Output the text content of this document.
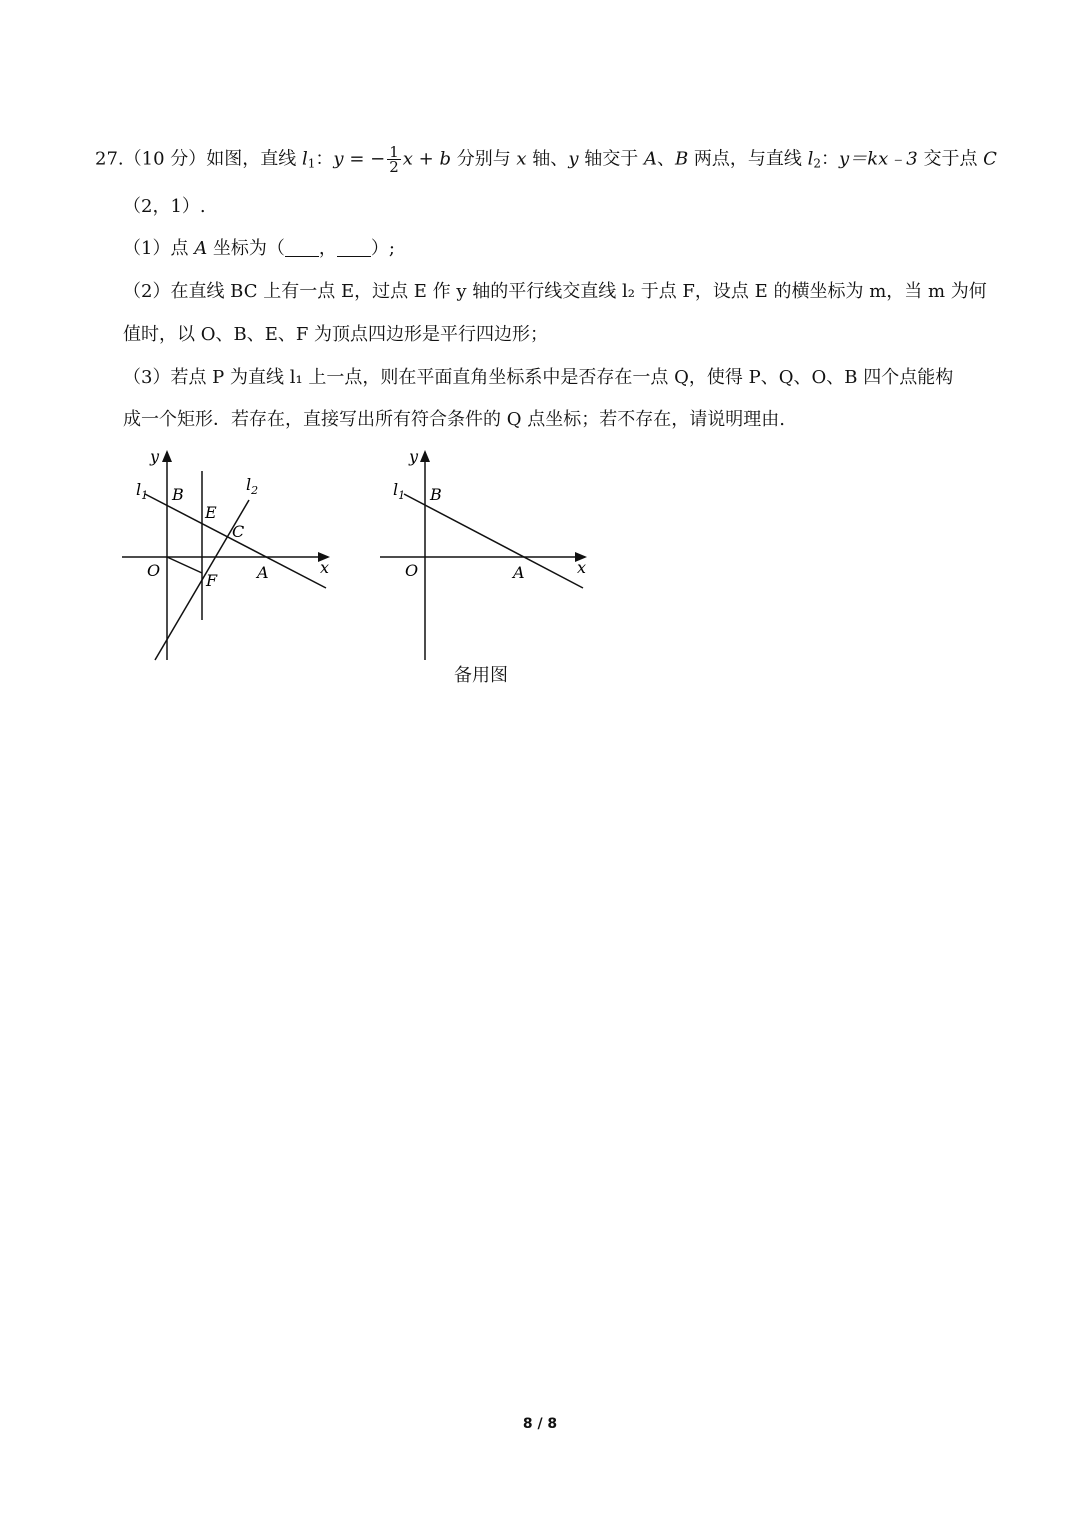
27.（10 分）如图，直线 $l_1$：y = − $\frac{1}{2}$ x + b 分别与 x 轴、y 轴交于 A、B 两点，与直线 $l_2$：y＝kx﹣3 交于点 C
（2，1）.
（1）点 A 坐标为（ ， ）;
（2）在直线 BC 上有一点 E，过点 E 作 y 轴的平行线交直线 l₂ 于点 F，设点 E 的横坐标为 m，当 m 为何
值时，以 O、B、E、F 为顶点四边形是平行四边形；
（3）若点 P 为直线 l₁ 上一点，则在平面直角坐标系中是否存在一点 Q，使得 P、Q、O、B 四个点能构
成一个矩形．若存在，直接写出所有符合条件的 Q 点坐标；若不存在，请说明理由.
y
x
O	A
B
C
E
F
$l_1$
$l_2$
y
x
O	A
B
$l_1$
备用图
8 / 8
